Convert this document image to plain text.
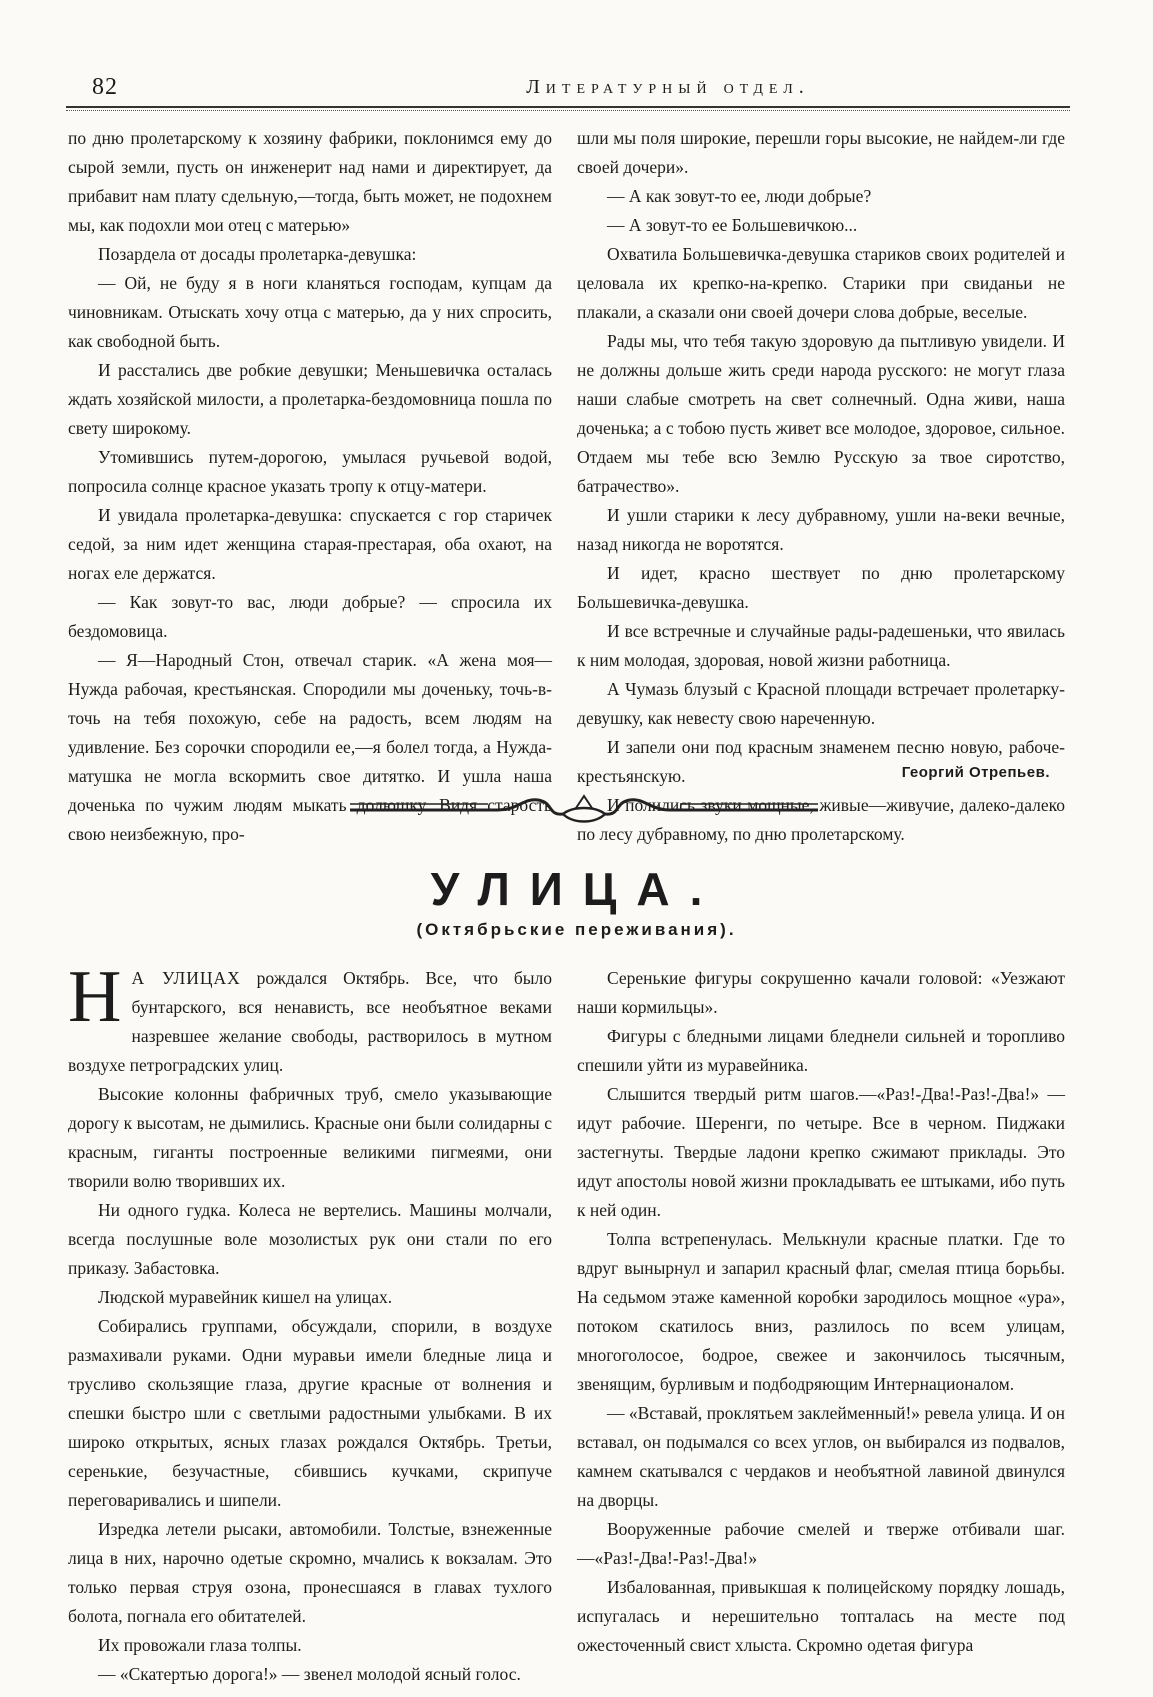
82	Литературный отдел.

по дню пролетарскому к хозяину фабрики, поклонимся ему до сырой земли, пусть он инженерит над нами и директирует, да прибавит нам плату сдельную,—тогда, быть может, не подохнем мы, как подохли мои отец с матерью»

Позардела от досады пролетарка-девушка:

— Ой, не буду я в ноги кланяться господам, купцам да чиновникам. Отыскать хочу отца с матерью, да у них спросить, как свободной быть.

И расстались две робкие девушки; Меньшевичка осталась ждать хозяйской милости, а пролетарка-бездомовница пошла по свету широкому.

Утомившись путем-дорогою, умылася ручьевой водой, попросила солнце красное указать тропу к отцу-матери.

И увидала пролетарка-девушка: спускается с гор старичек седой, за ним идет женщина старая-престарая, оба охают, на ногах еле держатся.

— Как зовут-то вас, люди добрые? — спросила их бездомовица.

— Я—Народный Стон, отвечал старик. «А жена моя—Нужда рабочая, крестьянская. Спородили мы доченьку, точь-в-точь на тебя похожую, себе на радость, всем людям на удивление. Без сорочки спородили ее,—я болел тогда, а Нужда-матушка не могла вскормить свое дитятко. И ушла наша доченька по чужим людям мыкать долюшку. Видя старость свою неизбежную, про-

шли мы поля широкие, перешли горы высокие, не найдем-ли где своей дочери».

— А как зовут-то ее, люди добрые?

— А зовут-то ее Большевичкою...

Охватила Большевичка-девушка стариков своих родителей и целовала их крепко-на-крепко. Старики при свиданьи не плакали, а сказали они своей дочери слова добрые, веселые.

Рады мы, что тебя такую здоровую да пытливую увидели. И не должны дольше жить среди народа русского: не могут глаза наши слабые смотреть на свет солнечный. Одна живи, наша доченька; а с тобою пусть живет все молодое, здоровое, сильное. Отдаем мы тебе всю Землю Русскую за твое сиротство, батрачество».

И ушли старики к лесу дубравному, ушли на-веки вечные, назад никогда не воротятся.

И идет, красно шествует по дню пролетарскому Большевичка-девушка.

И все встречные и случайные рады-радешеньки, что явилась к ним молодая, здоровая, новой жизни работница.

А Чумазь блузый с Красной площади встречает пролетарку-девушку, как невесту свою нареченную.

И запели они под красным знаменем песню новую, рабоче-крестьянскую.

И полились звуки мощные, живые—живучие, далеко-далеко по лесу дубравному, по дню пролетарскому.

Георгий Отрепьев.
УЛИЦА.
(Октябрьские переживания).

Н А УЛИЦАХ рождался Октябрь. Все, что было бунтарского, вся ненависть, все необъятное веками назревшее желание свободы, растворилось в мутном воздухе петроградских улиц.

Высокие колонны фабричных труб, смело указывающие дорогу к высотам, не дымились. Красные они были солидарны с красным, гиганты построенные великими пигмеями, они творили волю творивших их.

Ни одного гудка. Колеса не вертелись. Машины молчали, всегда послушные воле мозолистых рук они стали по его приказу. Забастовка.

Людской муравейник кишел на улицах.

Собирались группами, обсуждали, спорили, в воздухе размахивали руками. Одни муравьи имели бледные лица и трусливо скользящие глаза, другие красные от волнения и спешки быстро шли с светлыми радостными улыбками. В их широко открытых, ясных глазах рождался Октябрь. Третьи, серенькие, безучастные, сбившись кучками, скрипуче переговаривались и шипели.

Изредка летели рысаки, автомобили. Толстые, взнеженные лица в них, нарочно одетые скромно, мчались к вокзалам. Это только первая струя озона, пронесшаяся в главах тухлого болота, погнала его обитателей.

Их провожали глаза толпы.

— «Скатертью дорога!» — звенел молодой ясный голос.

Серенькие фигуры сокрушенно качали головой: «Уезжают наши кормильцы».

Фигуры с бледными лицами бледнели сильней и торопливо спешили уйти из муравейника.

Слышится твердый ритм шагов.—«Раз!-Два!-Раз!-Два!» —идут рабочие. Шеренги, по четыре. Все в черном. Пиджаки застегнуты. Твердые ладони крепко сжимают приклады. Это идут апостолы новой жизни прокладывать ее штыками, ибо путь к ней один.

Толпа встрепенулась. Мелькнули красные платки. Где то вдруг вынырнул и запарил красный флаг, смелая птица борьбы. На седьмом этаже каменной коробки зародилось мощное «ура», потоком скатилось вниз, разлилось по всем улицам, многоголосое, бодрое, свежее и закончилось тысячным, звенящим, бурливым и подбодряющим Интернационалом.

— «Вставай, проклятьем заклейменный!» ревела улица. И он вставал, он подымался со всех углов, он выбирался из подвалов, камнем скатывался с чердаков и необъятной лавиной двинулся на дворцы.

Вооруженные рабочие смелей и тверже отбивали шаг. —«Раз!-Два!-Раз!-Два!»

Избалованная, привыкшая к полицейскому порядку лошадь, испугалась и нерешительно топталась на месте под ожесточенный свист хлыста. Скромно одетая фигура
